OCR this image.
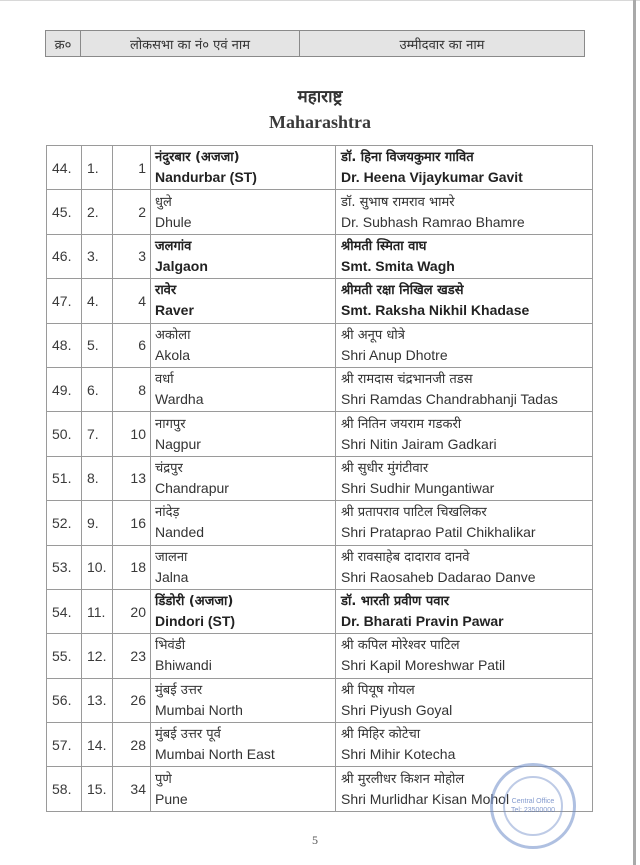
क्र०	लोकसभा का नं० एवं नाम	उम्मीदवार का नाम
महाराष्ट्र
Maharashtra
44.	1.	1	
नंदुरबार (अजजा)
Nandurbar (ST)

डॉ. हिना विजयकुमार गावित
Dr. Heena Vijaykumar Gavit

45.	2.	2	
धुले
Dhule

डॉ. सुभाष रामराव भामरे
Dr. Subhash Ramrao Bhamre

46.	3.	3	
जलगांव
Jalgaon

श्रीमती स्मिता वाघ
Smt. Smita Wagh

47.	4.	4	
रावेर
Raver

श्रीमती रक्षा निखिल खडसे
Smt. Raksha Nikhil Khadase

48.	5.	6	
अकोला
Akola

श्री अनूप धोत्रे
Shri Anup Dhotre

49.	6.	8	
वर्धा
Wardha

श्री रामदास चंद्रभानजी तडस
Shri Ramdas Chandrabhanji Tadas

50.	7.	10	
नागपुर
Nagpur

श्री नितिन जयराम गडकरी
Shri Nitin Jairam Gadkari

51.	8.	13	
चंद्रपुर
Chandrapur

श्री सुधीर मुंगंटीवार
Shri Sudhir Mungantiwar

52.	9.	16	
नांदेड़
Nanded

श्री प्रतापराव पाटिल चिखलिकर
Shri Prataprao Patil Chikhalikar

53.	10.	18	
जालना
Jalna

श्री रावसाहेब दादाराव दानवे
Shri Raosaheb Dadarao Danve

54.	11.	20	
डिंडोरी (अजजा)
Dindori (ST)

डॉ. भारती प्रवीण पवार
Dr. Bharati Pravin Pawar

55.	12.	23	
भिवंडी
Bhiwandi

श्री कपिल मोरेश्वर पाटिल
Shri Kapil Moreshwar Patil

56.	13.	26	
मुंबई उत्तर
Mumbai North

श्री पियूष गोयल
Shri Piyush Goyal

57.	14.	28	
मुंबई उत्तर पूर्व
Mumbai North East

श्री मिहिर कोटेचा
Shri Mihir Kotecha

58.	15.	34	
पुणे
Pune

श्री मुरलीधर किशन मोहोल
Shri Murlidhar Kisan Mohol Central Office
Tel: 23500000
5
